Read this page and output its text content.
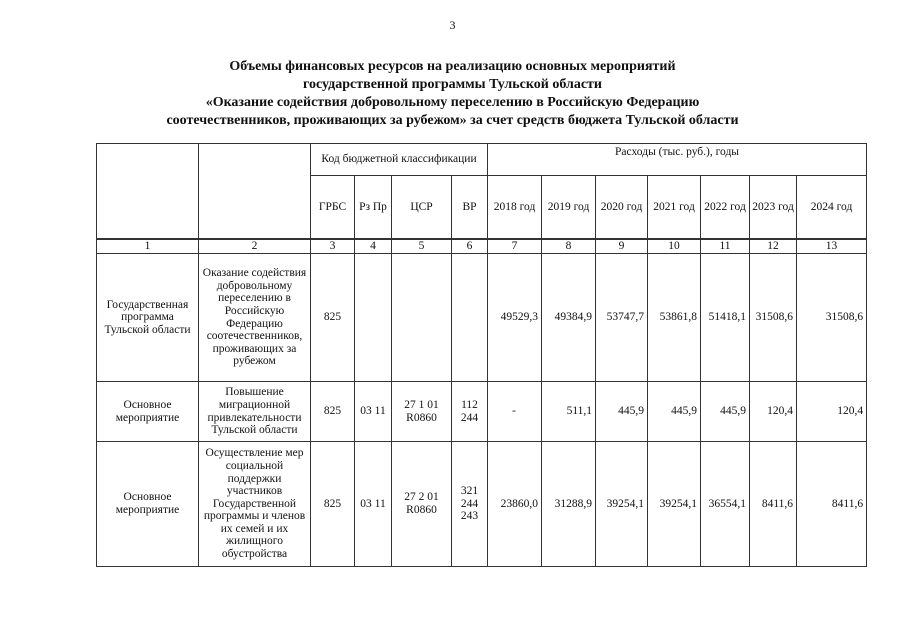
3
Объемы финансовых ресурсов на реализацию основных мероприятий
государственной программы Тульской области
«Оказание содействия добровольному переселению в Российскую Федерацию
соотечественников, проживающих за рубежом» за счет средств бюджета Тульской области
		Код бюджетной классификации				Расходы (тыс. руб.), годы						
		ГРБС	Рз Пр	ЦСР	ВР	2018 год	2019 год	2020 год	2021 год	2022 год	2023 год	2024 год
1	2	3	4	5	6	7	8	9	10	11	12	13
Государственная программа Тульской области	Оказание содействия добровольному переселению в Российскую Федерацию соотечественников, проживающих за рубежом	825				49529,3	49384,9	53747,7	53861,8	51418,1	31508,6	31508,6
Основное мероприятие	Повышение миграционной привлекательности Тульской области	825	03 11	27 1 01 R0860	112 244	-	511,1	445,9	445,9	445,9	120,4	120,4
Основное мероприятие	Осуществление мер социальной поддержки участников Государственной программы и членов их семей и их жилищного обустройства	825	03 11	27 2 01 R0860	321 244 243	23860,0	31288,9	39254,1	39254,1	36554,1	8411,6	8411,6
